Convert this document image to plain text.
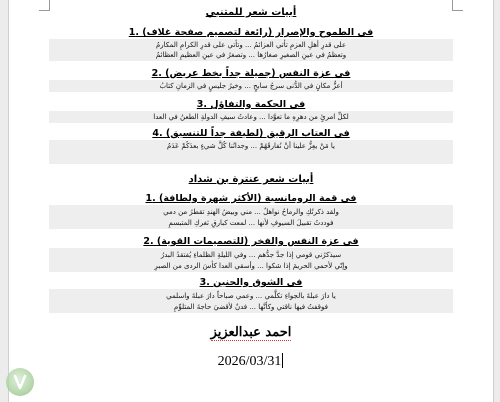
أبيات شعر للمتنبي
في الطموح والإصرار (رائعة لتصميم صفحة غلاف) .1
على قدرِ أهلِ العزمِ تأتي العزائمُ ... وتأتي على قدرِ الكرامِ المكارمُ
وتعظمُ في عينِ الصغيرِ صغارُها ... وتصغرُ في عينِ العظيمِ العظائمُ
في عزة النفس (جميلة جداً بخط عريض) .2
أعزُّ مكانٍ في الدُّنى سرجُ سابحٍ ... وخيرُ جليسٍ في الزمانِ كتابُ
في الحكمة والتفاؤل .3
لكلِّ امرئٍ من دهرِهِ ما تعوَّدا ... وعادتُ سيفِ الدولةِ الطعنُ في العدا
في العتاب الرقيق (لطيفة جداً للتنسيق) .4
يا مَنْ يعِزُّ علينا أنْ نُفارقَهُمْ ... وجدانُنا كُلَّ شيءٍ بعدَكُمْ عَدَمُ
أبيات شعر عنترة بن شداد
في قمة الرومانسية (الأكثر شهرة ولطافة) .1
ولقد ذكرتُكِ والرماحُ نواهلٌ ... مني وبيضُ الهندِ تقطرُ من دمي
فوددتُ تقبيلَ السيوفِ لأنها ... لمعت كبارقِ ثغركِ المتبسمِ
في عزة النفس والفخر (للتصميمات القوية) .2
سيذكرُني قومي إذا جدَّ جدُّهم ... وفي الليلةِ الظلماءِ يُفتقدُ البدرُ
وإنّي لأحمي الحريمَ إذا شكوا ... وأسقي العدا كأسَ الردى من الصبرِ
في الشوق والحنين .3
يا دارَ عبلةَ بالجواءِ تكلَّمي ... وعمي صباحاً دارَ عبلةَ واسلمي
فوقفتُ فيها ناقتي وكأنَّها ... فدنٌ لأقضيَ حاجةَ المتلوِّمِ
احمد عبدالعزيز
2026/03/31
